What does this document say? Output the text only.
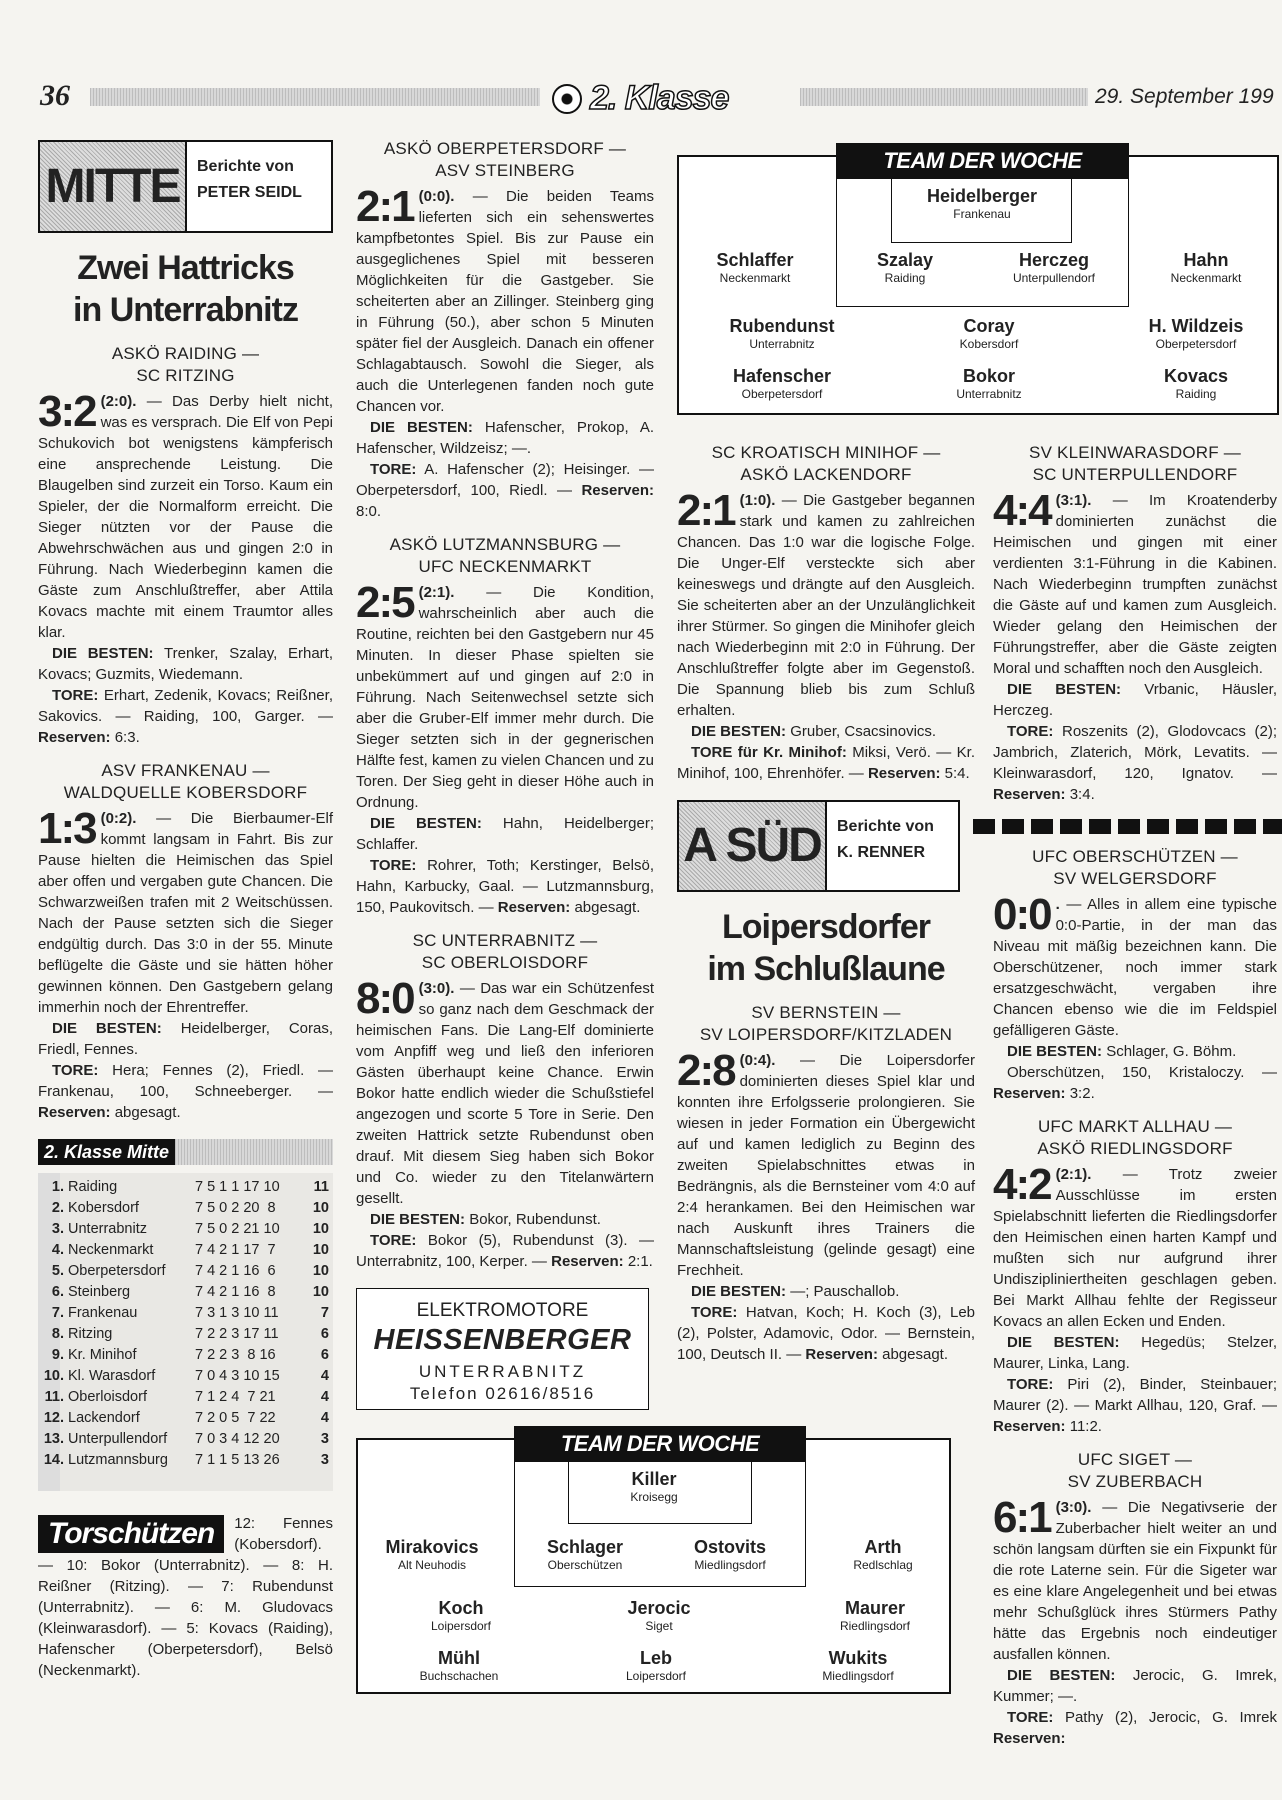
36	2. Klasse	29. September 199
MITTE	Berichte von
PETER SEIDL
Zwei Hattricks
in Unterrabnitz
ASKÖ RAIDING —
SC RITZING

3:2 (2:0). — Das Derby hielt nicht, was es versprach. Die Elf von Pepi Schukovich bot wenigstens kämpferisch eine ansprechende Leistung. Die Blaugelben sind zurzeit ein Torso. Kaum ein Spieler, der die Normalform erreicht. Die Sieger nützten vor der Pause die Abwehrschwächen aus und gingen 2:0 in Führung. Nach Wiederbeginn kamen die Gäste zum Anschlußtreffer, aber Attila Kovacs machte mit einem Traumtor alles klar.

DIE BESTEN: Trenker, Szalay, Erhart, Kovacs; Guzmits, Wiedemann.

TORE: Erhart, Zedenik, Kovacs; Reißner, Sakovics. — Raiding, 100, Garger. — Reserven: 6:3.

ASV FRANKENAU —
WALDQUELLE KOBERSDORF

1:3 (0:2). — Die Bierbaumer-Elf kommt langsam in Fahrt. Bis zur Pause hielten die Heimischen das Spiel aber offen und vergaben gute Chancen. Die Schwarzweißen trafen mit 2 Weitschüssen. Nach der Pause setzten sich die Sieger endgültig durch. Das 3:0 in der 55. Minute beflügelte die Gäste und sie hätten höher gewinnen können. Den Gastgebern gelang immerhin noch der Ehrentreffer.

DIE BESTEN: Heidelberger, Coras, Friedl, Fennes.

TORE: Hera; Fennes (2), Friedl. — Frankenau, 100, Schneeberger. — Reserven: abgesagt.

2. Klasse Mitte
1. Raiding	7 5 1 1 17 10	11
2. Kobersdorf	7 5 0 2 20  8	10
3. Unterrabnitz	7 5 0 2 21 10	10
4. Neckenmarkt	7 4 2 1 17  7	10
5. Oberpetersdorf	7 4 2 1 16  6	10
6. Steinberg	7 4 2 1 16  8	10
7. Frankenau	7 3 1 3 10 11	7
8. Ritzing	7 2 2 3 17 11	6
9. Kr. Minihof	7 2 2 3  8 16	6
10. Kl. Warasdorf	7 0 4 3 10 15	4
11. Oberloisdorf	7 1 2 4  7 21	4
12. Lackendorf	7 2 0 5  7 22	4
13. Unterpullendorf	7 0 3 4 12 20	3
14. Lutzmannsburg	7 1 1 5 13 26	3
Torschützen	12: Fennes (Kobersdorf). — 10: Bokor (Unterrabnitz). — 8: H. Reißner (Ritzing). — 7: Rubendunst (Unterrabnitz). — 6: M. Gludovacs (Kleinwarasdorf). — 5: Kovacs (Raiding), Hafenscher (Oberpetersdorf), Belsö (Neckenmarkt).
ASKÖ OBERPETERSDORF —
ASV STEINBERG

2:1 (0:0). — Die beiden Teams lieferten sich ein sehenswertes kampfbetontes Spiel. Bis zur Pause ein ausgeglichenes Spiel mit besseren Möglichkeiten für die Gastgeber. Sie scheiterten aber an Zillinger. Steinberg ging in Führung (50.), aber schon 5 Minuten später fiel der Ausgleich. Danach ein offener Schlagabtausch. Sowohl die Sieger, als auch die Unterlegenen fanden noch gute Chancen vor.

DIE BESTEN: Hafenscher, Prokop, A. Hafenscher, Wildzeisz; —.

TORE: A. Hafenscher (2); Heisinger. — Oberpetersdorf, 100, Riedl. — Reserven: 8:0.

ASKÖ LUTZMANNSBURG —
UFC NECKENMARKT

2:5 (2:1). — Die Kondition, wahrscheinlich aber auch die Routine, reichten bei den Gastgebern nur 45 Minuten. In dieser Phase spielten sie unbekümmert auf und gingen auf 2:0 in Führung. Nach Seitenwechsel setzte sich aber die Gruber-Elf immer mehr durch. Die Sieger setzten sich in der gegnerischen Hälfte fest, kamen zu vielen Chancen und zu Toren. Der Sieg geht in dieser Höhe auch in Ordnung.

DIE BESTEN: Hahn, Heidelberger; Schlaffer.

TORE: Rohrer, Toth; Kerstinger, Belsö, Hahn, Karbucky, Gaal. — Lutzmannsburg, 150, Paukovitsch. — Reserven: abgesagt.

SC UNTERRABNITZ —
SC OBERLOISDORF

8:0 (3:0). — Das war ein Schützenfest so ganz nach dem Geschmack der heimischen Fans. Die Lang-Elf dominierte vom Anpfiff weg und ließ den inferioren Gästen überhaupt keine Chance. Erwin Bokor hatte endlich wieder die Schußstiefel angezogen und scorte 5 Tore in Serie. Den zweiten Hattrick setzte Rubendunst oben drauf. Mit diesem Sieg haben sich Bokor und Co. wieder zu den Titelanwärtern gesellt.

DIE BESTEN: Bokor, Rubendunst.

TORE: Bokor (5), Rubendunst (3). — Unterrabnitz, 100, Kerper. — Reserven: 2:1.

ELEKTROMOTORE
HEISSENBERGER
UNTERRABNITZ
Telefon 02616/8516
SC KROATISCH MINIHOF —
ASKÖ LACKENDORF

2:1 (1:0). — Die Gastgeber begannen stark und kamen zu zahlreichen Chancen. Das 1:0 war die logische Folge. Die Unger-Elf versteckte sich aber keineswegs und drängte auf den Ausgleich. Sie scheiterten aber an der Unzulänglichkeit ihrer Stürmer. So gingen die Minihofer gleich nach Wiederbeginn mit 2:0 in Führung. Der Anschlußtreffer folgte aber im Gegenstoß. Die Spannung blieb bis zum Schluß erhalten.

DIE BESTEN: Gruber, Csacsinovics.

TORE für Kr. Minihof: Miksi, Verö. — Kr. Minihof, 100, Ehrenhöfer. — Reserven: 5:4.

A SÜD	Berichte von
K. RENNER
Loipersdorfer
im Schlußlaune
SV BERNSTEIN —
SV LOIPERSDORF/KITZLADEN

2:8 (0:4). — Die Loipersdorfer dominierten dieses Spiel klar und konnten ihre Erfolgsserie prolongieren. Sie wiesen in jeder Formation ein Übergewicht auf und kamen lediglich zu Beginn des zweiten Spielabschnittes etwas in Bedrängnis, als die Bernsteiner vom 4:0 auf 2:4 herankamen. Bei den Heimischen war nach Auskunft ihres Trainers die Mannschaftsleistung (gelinde gesagt) eine Frechheit.

DIE BESTEN: —; Pauschallob.

TORE: Hatvan, Koch; H. Koch (3), Leb (2), Polster, Adamovic, Odor. — Bernstein, 100, Deutsch II. — Reserven: abgesagt.

SV KLEINWARASDORF —
SC UNTERPULLENDORF

4:4 (3:1). — Im Kroatenderby dominierten zunächst die Heimischen und gingen mit einer verdienten 3:1-Führung in die Kabinen. Nach Wiederbeginn trumpften zunächst die Gäste auf und kamen zum Ausgleich. Wieder gelang den Heimischen der Führungstreffer, aber die Gäste zeigten Moral und schafften noch den Ausgleich.

DIE BESTEN: Vrbanic, Häusler, Herczeg.

TORE: Roszenits (2), Glodovcacs (2); Jambrich, Zlaterich, Mörk, Levatits. — Kleinwarasdorf, 120, Ignatov. — Reserven: 3:4.

UFC OBERSCHÜTZEN —
SV WELGERSDORF

0:0 . — Alles in allem eine typische 0:0-Partie, in der man das Niveau mit mäßig bezeichnen kann. Die Oberschützener, noch immer stark ersatzgeschwächt, vergaben ihre Chancen ebenso wie die im Feldspiel gefälligeren Gäste.

DIE BESTEN: Schlager, G. Böhm.

Oberschützen, 150, Kristaloczy. — Reserven: 3:2.

UFC MARKT ALLHAU —
ASKÖ RIEDLINGSDORF

4:2 (2:1). — Trotz zweier Ausschlüsse im ersten Spielabschnitt lieferten die Riedlingsdorfer den Heimischen einen harten Kampf und mußten sich nur aufgrund ihrer Undiszipliniertheiten geschlagen geben. Bei Markt Allhau fehlte der Regisseur Kovacs an allen Ecken und Enden.

DIE BESTEN: Hegedüs; Stelzer, Maurer, Linka, Lang.

TORE: Piri (2), Binder, Steinbauer; Maurer (2). — Markt Allhau, 120, Graf. — Reserven: 11:2.

UFC SIGET —
SV ZUBERBACH

6:1 (3:0). — Die Negativserie der Zuberbacher hielt weiter an und schön langsam dürften sie ein Fixpunkt für die rote Laterne sein. Für die Sigeter war es eine klare Angelegenheit und bei etwas mehr Schußglück ihres Stürmers Pathy hätte das Ergebnis noch eindeutiger ausfallen können.

DIE BESTEN: Jerocic, G. Imrek, Kummer; —.

TORE: Pathy (2), Jerocic, G. Imrek Reserven:

TEAM DER WOCHE
Heidelberger
Frankenau
Schlaffer
Neckenmarkt
Szalay
Raiding
Herczeg
Unterpullendorf
Hahn
Neckenmarkt
Rubendunst
Unterrabnitz
Coray
Kobersdorf
H. Wildzeis
Oberpetersdorf
Hafenscher
Oberpetersdorf
Bokor
Unterrabnitz
Kovacs
Raiding
TEAM DER WOCHE
Killer
Kroisegg
Mirakovics
Alt Neuhodis
Schlager
Oberschützen
Ostovits
Miedlingsdorf
Arth
Redlschlag
Koch
Loipersdorf
Jerocic
Siget
Maurer
Riedlingsdorf
Mühl
Buchschachen
Leb
Loipersdorf
Wukits
Miedlingsdorf
